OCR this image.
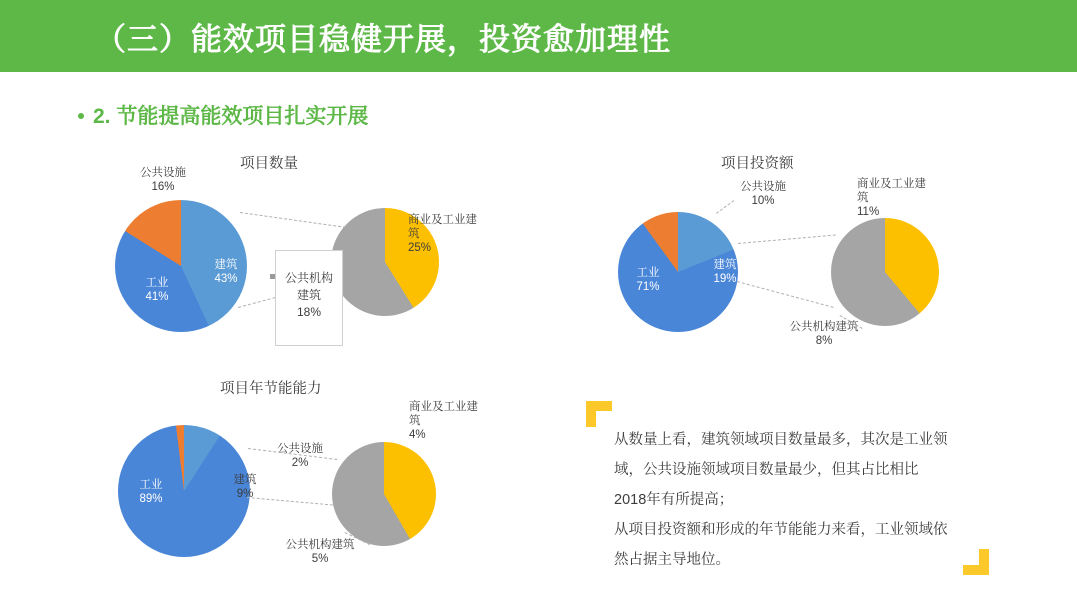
（三）能效项目稳健开展，投资愈加理性
2. 节能提高能效项目扎实开展
项目数量
工业
41%
建筑
43%
公共设施
16%
商业及工业建
筑
25%
公共机构
建筑
18%
项目投资额
工业
71%
建筑
19%
公共设施
10%
商业及工业建
筑
11%
公共机构建筑
8%
项目年节能能力
工业
89%
建筑
9%
公共设施
2%
商业及工业建
筑
4%
公共机构建筑
5%
从数量上看，建筑领域项目数量最多，其次是工业领
域，公共设施领域项目数量最少，但其占比相比
2018年有所提高；
从项目投资额和形成的年节能能力来看，工业领域依
然占据主导地位。
